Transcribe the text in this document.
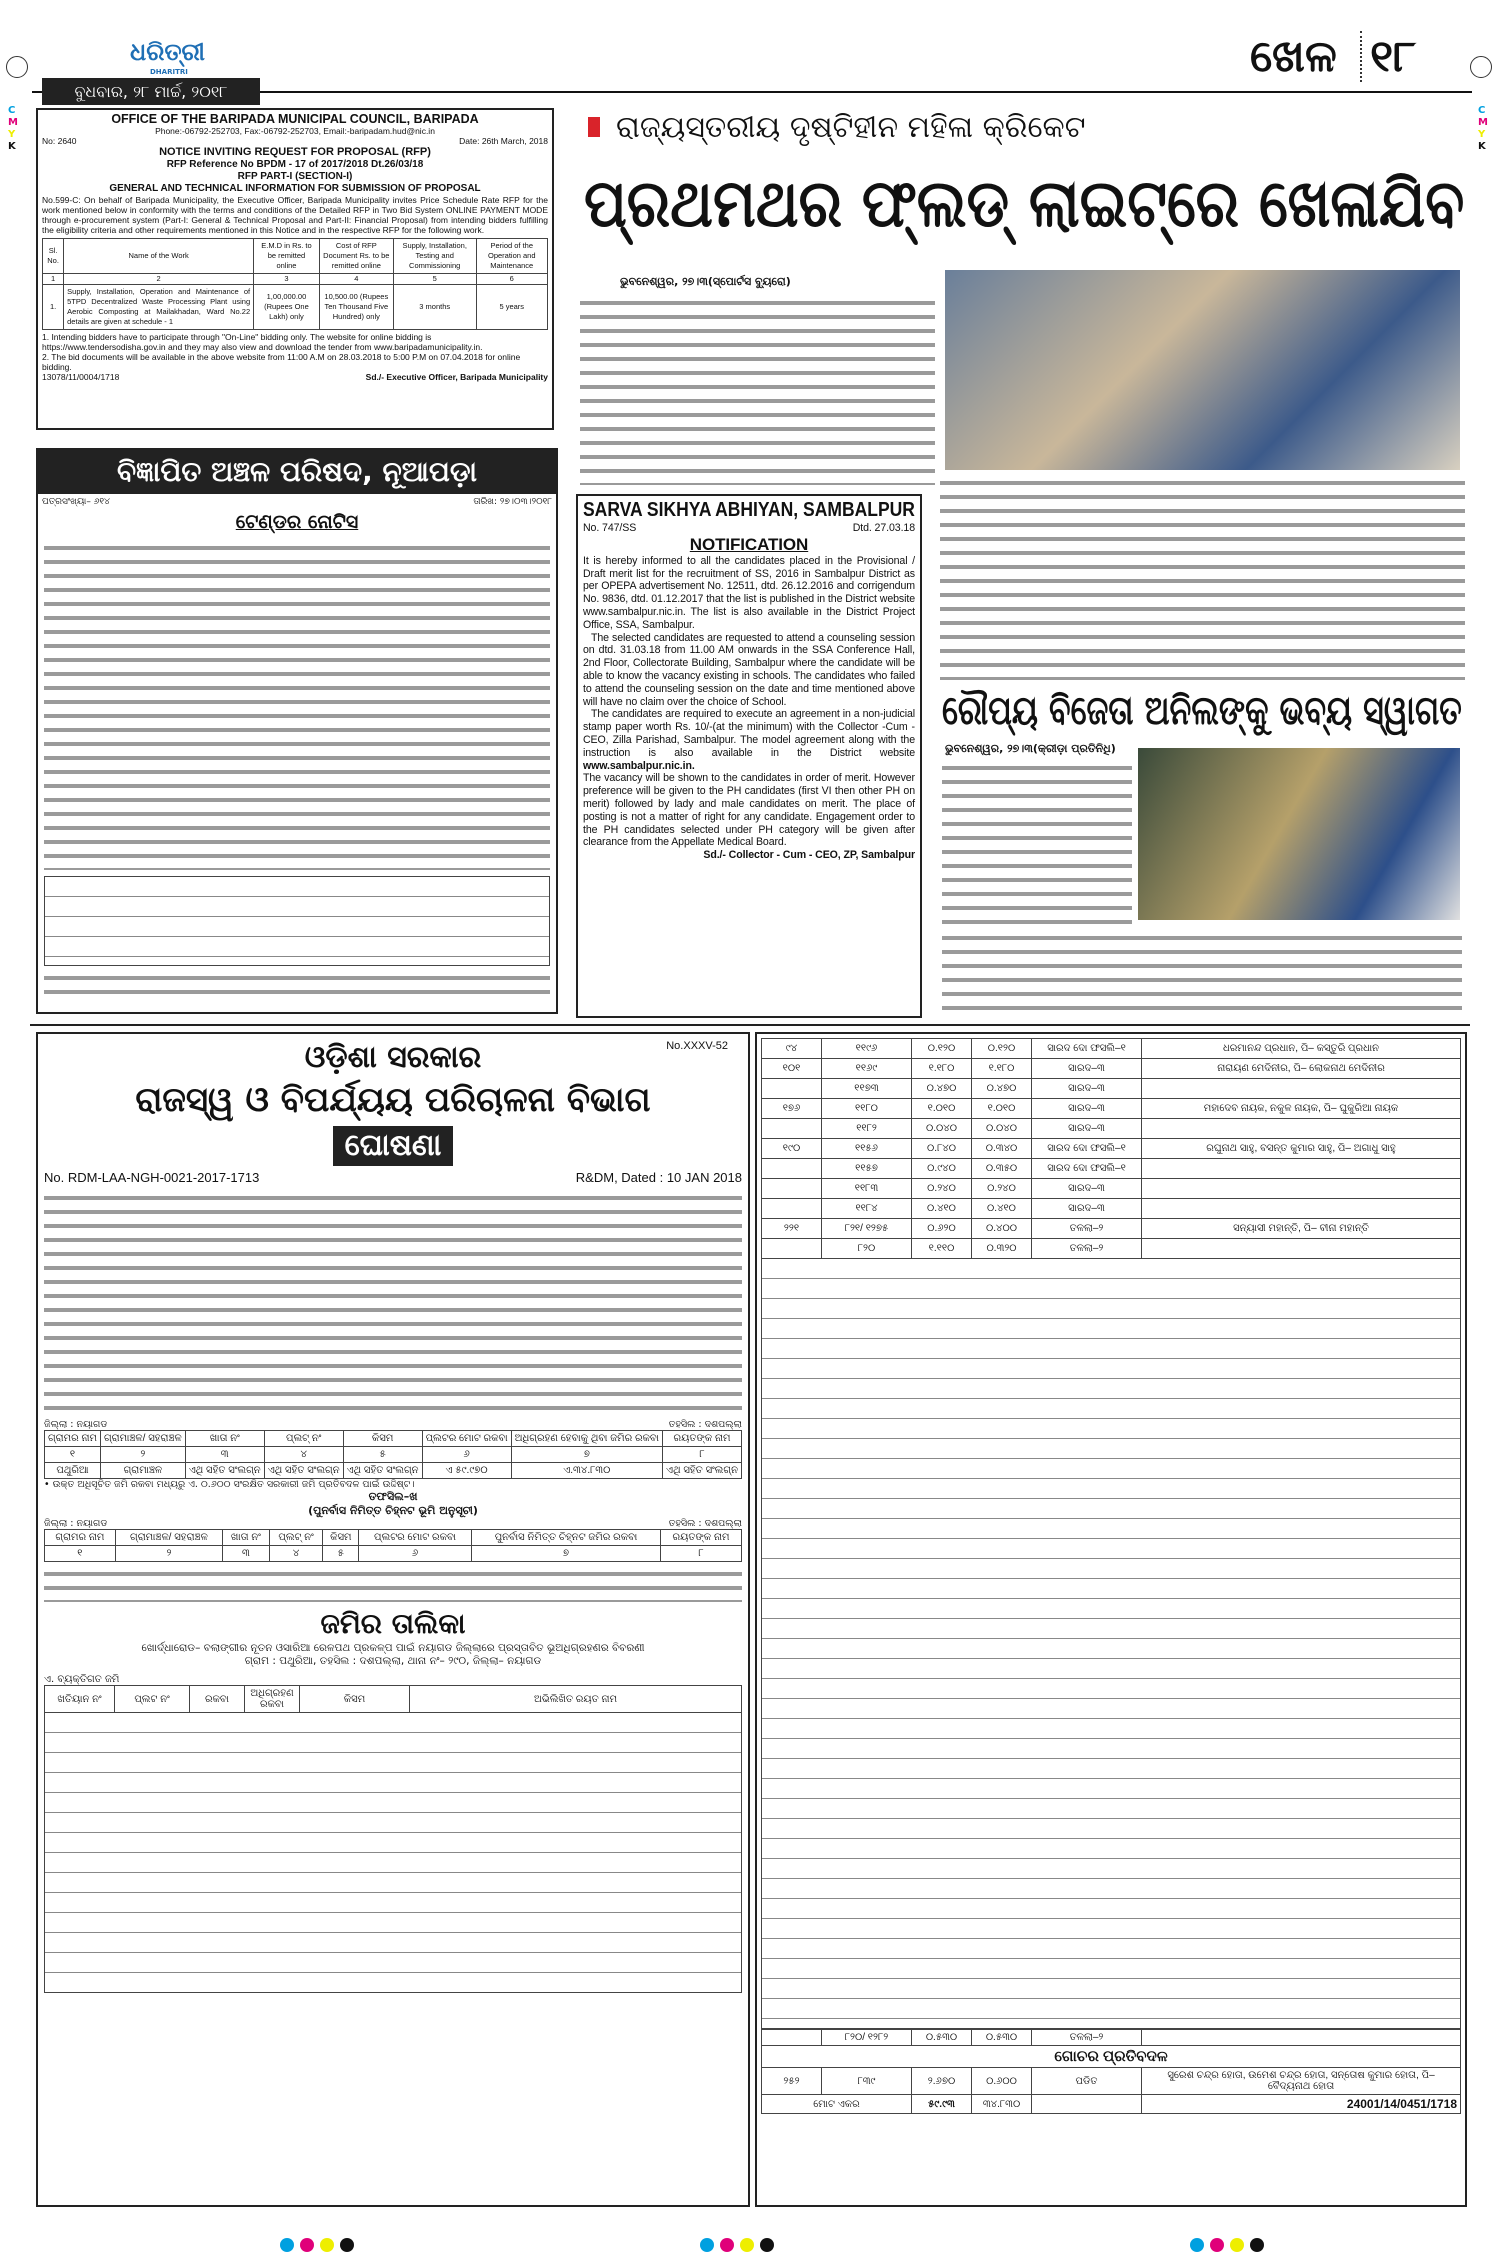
C
M
Y
K
C
M
Y
K
ଧରିତ୍ରୀ
DHARITRI
ବୁଧବାର, ୨୮ ମାର୍ଚ୍ଚ, ୨୦୧୮
ଖେଳ ୧୮
OFFICE OF THE BARIPADA MUNICIPAL COUNCIL, BARIPADA
Phone:-06792-252703, Fax:-06792-252703, Email:-baripadam.hud@nic.in
No: 2640	Date: 26th March, 2018
NOTICE INVITING REQUEST FOR PROPOSAL (RFP)
RFP Reference No BPDM - 17 of 2017/2018 Dt.26/03/18
RFP PART-I (SECTION-I)
GENERAL AND TECHNICAL INFORMATION FOR SUBMISSION OF PROPOSAL
No.599-C: On behalf of Baripada Municipality, the Executive Officer, Baripada Municipality invites Price Schedule Rate RFP for the work mentioned below in conformity with the terms and conditions of the Detailed RFP in Two Bid System ONLINE PAYMENT MODE through e-procurement system (Part-I: General & Technical Proposal and Part-II: Financial Proposal) from intending bidders fulfilling the eligibility criteria and other requirements mentioned in this Notice and in the respective RFP for the following work.
Sl. No.	Name of the Work	E.M.D in Rs. to be remitted online	Cost of RFP Document Rs. to be remitted online	Supply, Installation, Testing and Commissioning	Period of the Operation and Maintenance
1	2	3	4	5	6
1.	Supply, Installation, Operation and Maintenance of 5TPD Decentralized Waste Processing Plant using Aerobic Composting at Mailakhadan, Ward No.22 details are given at schedule - 1	1,00,000.00 (Rupees One Lakh) only	10,500.00 (Rupees Ten Thousand Five Hundred) only	3 months	5 years
1. Intending bidders have to participate through "On-Line" bidding only. The website for online bidding is https://www.tendersodisha.gov.in and they may also view and download the tender from www.baripadamunicipality.in.
2. The bid documents will be available in the above website from 11:00 A.M on 28.03.2018 to 5:00 P.M on 07.04.2018 for online bidding.
13078/11/0004/1718	Sd./- Executive Officer, Baripada Municipality
ବିଜ୍ଞାପିତ ଅଞ୍ଚଳ ପରିଷଦ, ନୂଆପଡ଼ା
ପତ୍ରସଂଖ୍ୟା– ୬୧୪	ତାରିଖ: ୨୭।୦୩।୨୦୧୮
ଟେଣ୍ଡର ନୋଟିସ
ରାଜ୍ୟସ୍ତରୀୟ ଦୃଷ୍ଟିହୀନ ମହିଳା କ୍ରିକେଟ
ପ୍ରଥମଥର ଫ୍ଲଡ୍ ଲାଇଟ୍‌ରେ ଖେଳାଯିବ
ଭୁବନେଶ୍ୱର, ୨୭।୩(ସ୍ପୋର୍ଟସ ବ୍ୟୁରୋ)
SARVA SIKHYA ABHIYAN, SAMBALPUR
No. 747/SS	Dtd. 27.03.18
NOTIFICATION

It is hereby informed to all the candidates placed in the Provisional / Draft merit list for the recruitment of SS, 2016 in Sambalpur District as per OPEPA advertisement No. 12511, dtd. 26.12.2016 and corrigendum No. 9836, dtd. 01.12.2017 that the list is published in the District website www.sambalpur.nic.in. The list is also available in the District Project Office, SSA, Sambalpur.

The selected candidates are requested to attend a counseling session on dtd. 31.03.18 from 11.00 AM onwards in the SSA Conference Hall, 2nd Floor, Collectorate Building, Sambalpur where the candidate will be able to know the vacancy existing in schools. The candidates who failed to attend the counseling session on the date and time mentioned above will have no claim over the choice of School.

The candidates are required to execute an agreement in a non-judicial stamp paper worth Rs. 10/-(at the minimum) with the Collector -Cum - CEO, Zilla Parishad, Sambalpur. The model agreement along with the instruction is also available in the District website www.sambalpur.nic.in.

The vacancy will be shown to the candidates in order of merit. However preference will be given to the PH candidates (first VI then other PH on merit) followed by lady and male candidates on merit. The place of posting is not a matter of right for any candidate. Engagement order to the PH candidates selected under PH category will be given after clearance from the Appellate Medical Board.

Sd./- Collector - Cum - CEO, ZP, Sambalpur
ରୌପ୍ୟ ବିଜେତା ଅନିଲଙ୍କୁ ଭବ୍ୟ ସ୍ୱାଗତ
ଭୁବନେଶ୍ୱର, ୨୭।୩(କ୍ରୀଡ଼ା ପ୍ରତିନିଧି)
No.XXXV-52
ଓଡ଼ିଶା ସରକାର
ରାଜସ୍ୱ ଓ ବିପର୍ଯ୍ୟୟ ପରିଚାଳନା ବିଭାଗ
ଘୋଷଣା
No. RDM-LAA-NGH-0021-2017-1713	R&DM, Dated : 10 JAN 2018
ଜିଲ୍ଲା : ନୟାଗଡ	ତହସିଲ : ଦଶପଲ୍ଲା
ଗ୍ରାମର ନାମ	ଗ୍ରାମାଞ୍ଚଳ/ ସହରାଞ୍ଚଳ	ଖାତା ନଂ	ପ୍ଲଟ୍ ନଂ	କିସମ	ପ୍ଲଟର ମୋଟ ରକବା	ଅଧିଗ୍ରହଣ ହେବାକୁ ଥିବା ଜମିର ରକବା	ରୟତଙ୍କ ନାମ
୧	୨	୩	୪	୫	୬	୭	୮
ପଥୁରିଆ	ଗ୍ରାମାଞ୍ଚଳ	ଏଥି ସହିତ ସଂଲଗ୍ନ	ଏଥି ସହିତ ସଂଲଗ୍ନ	ଏଥି ସହିତ ସଂଲଗ୍ନ	ଏ ୫୯.୯୭୦	ଏ.୩୪.୮୩୦	ଏଥି ସହିତ ସଂଲଗ୍ନ
• ଉକ୍ତ ଅଧିସୂଚିତ ଜମି ରକବା ମଧ୍ୟରୁ ଏ. ୦.୬୦୦ ସଂରକ୍ଷିତ ସରକାରୀ ଜମି ପ୍ରତିବଦଳ ପାଇଁ ଉଦ୍ଦିଷ୍ଟ।
ତଫସିଲ–ଖ
(ପୁନର୍ବାସ ନିମିତ୍ତ ଚିହ୍ନଟ ଭୂମି ଅନୁସୂଚୀ)
ଜିଲ୍ଲା : ନୟାଗଡ	ତହସିଲ : ଦଶପଲ୍ଲା
ଗ୍ରାମର ନାମ	ଗ୍ରାମାଞ୍ଚଳ/ ସହରାଞ୍ଚଳ	ଖାତା ନଂ	ପ୍ଲଟ୍ ନଂ	କିସମ	ପ୍ଲଟର ମୋଟ ରକବା	ପୁନର୍ବାସ ନିମିତ୍ତ ଚିହ୍ନଟ ଜମିର ରକବା	ରୟତଙ୍କ ନାମ
୧	୨	୩	୪	୫	୬	୭	୮
ଜମିର ତାଲିକା
ଖୋର୍ଦ୍ଧାରୋଡ– ବଲାଙ୍ଗୀର ନୂତନ ଓସାରିଆ ରେଳପଥ ପ୍ରକଳ୍ପ ପାଇଁ ନୟାଗଡ ଜିଲ୍ଲାରେ ପ୍ରସ୍ତାବିତ ଭୂଅଧିଗ୍ରହଣର ବିବରଣୀ
ଗ୍ରାମ : ପଥୁରିଆ, ତହସିଲ : ଦଶପଲ୍ଲା, ଥାନା ନଂ– ୨୯୦, ଜିଲ୍ଲା– ନୟାଗଡ
ଏ. ବ୍ୟକ୍ତିଗତ ଜମି
ଖତିୟାନ ନଂ	ପ୍ଲଟ ନଂ	ରକବା	ଅଧିଗ୍ରହଣ ରକବା	କିସମ	ଅଭିଲିଖିତ ରୟତ ନାମ
୯୪	୧୧୯୬	୦.୧୨୦	୦.୧୨୦	ସାରଦ ଦୋ ଫସଲି–୧	ଧରମାନନ୍ଦ ପ୍ରଧାନ, ପି– କସ୍ତୁରି ପ୍ରଧାନ
୧୦୧	୧୧୬୯	୧.୧୮୦	୧.୧୮୦	ସାରଦ–୩	ନାରାୟଣ ମେଦିନୀର, ପି– ଲୋକନାଥ ମେଦିନୀର
	୧୧୭୩	୦.୪୭୦	୦.୪୭୦	ସାରଦ–୩	
୧୭୬	୧୧୮୦	୧.୦୧୦	୧.୦୧୦	ସାରଦ–୩	ମହାଦେବ ନାୟକ, ନକୁଳ ନାୟକ, ପି– ଘୁକୁରିଆ ନାୟକ
	୧୧୮୨	୦.୦୪୦	୦.୦୪୦	ସାରଦ–୩	
୧୯୦	୧୧୫୬	୦.୮୪୦	୦.୩୪୦	ସାରଦ ଦୋ ଫସଲି–୧	ରଘୁନାଥ ସାହୁ, ବସନ୍ତ କୁମାର ସାହୁ, ପି– ଅଗାଧୁ ସାହୁ
	୧୧୫୭	୦.୯୪୦	୦.୩୫୦	ସାରଦ ଦୋ ଫସଲି–୧	
	୧୧୮୩	୦.୨୪୦	୦.୨୪୦	ସାରଦ–୩	
	୧୧୮୪	୦.୪୧୦	୦.୪୧୦	ସାରଦ–୩	
୨୨୧	୮୨୧/ ୧୨୭୫	୦.୬୨୦	୦.୪୦୦	ତଳଲା–୨	ସନ୍ୟାସୀ ମହାନ୍ତି, ପି– ବୀନା ମହାନ୍ତି
	୮୨୦	୧.୧୧୦	୦.୩୨୦	ତଳଲା–୨	
	୮୨୦/ ୧୨୮୨	୦.୫୩୦	୦.୫୩୦	ତଳଲା–୨	
ଗୋଚର ପ୍ରତିବଦଳ					
୨୫୨	୮୩୯	୨.୬୭୦	୦.୬୦୦	ପଡିତ	ସୁରେଶ ଚନ୍ଦ୍ର ହୋତା, ଉମେଶ ଚନ୍ଦ୍ର ହୋତା, ସନ୍ତୋଷ କୁମାର ହୋତା, ପି– ବୈଦ୍ୟନାଥ ହୋତା
ମୋଟ ଏକର		୫୯.୯୩	୩୪.୮୩୦		24001/14/0451/1718
